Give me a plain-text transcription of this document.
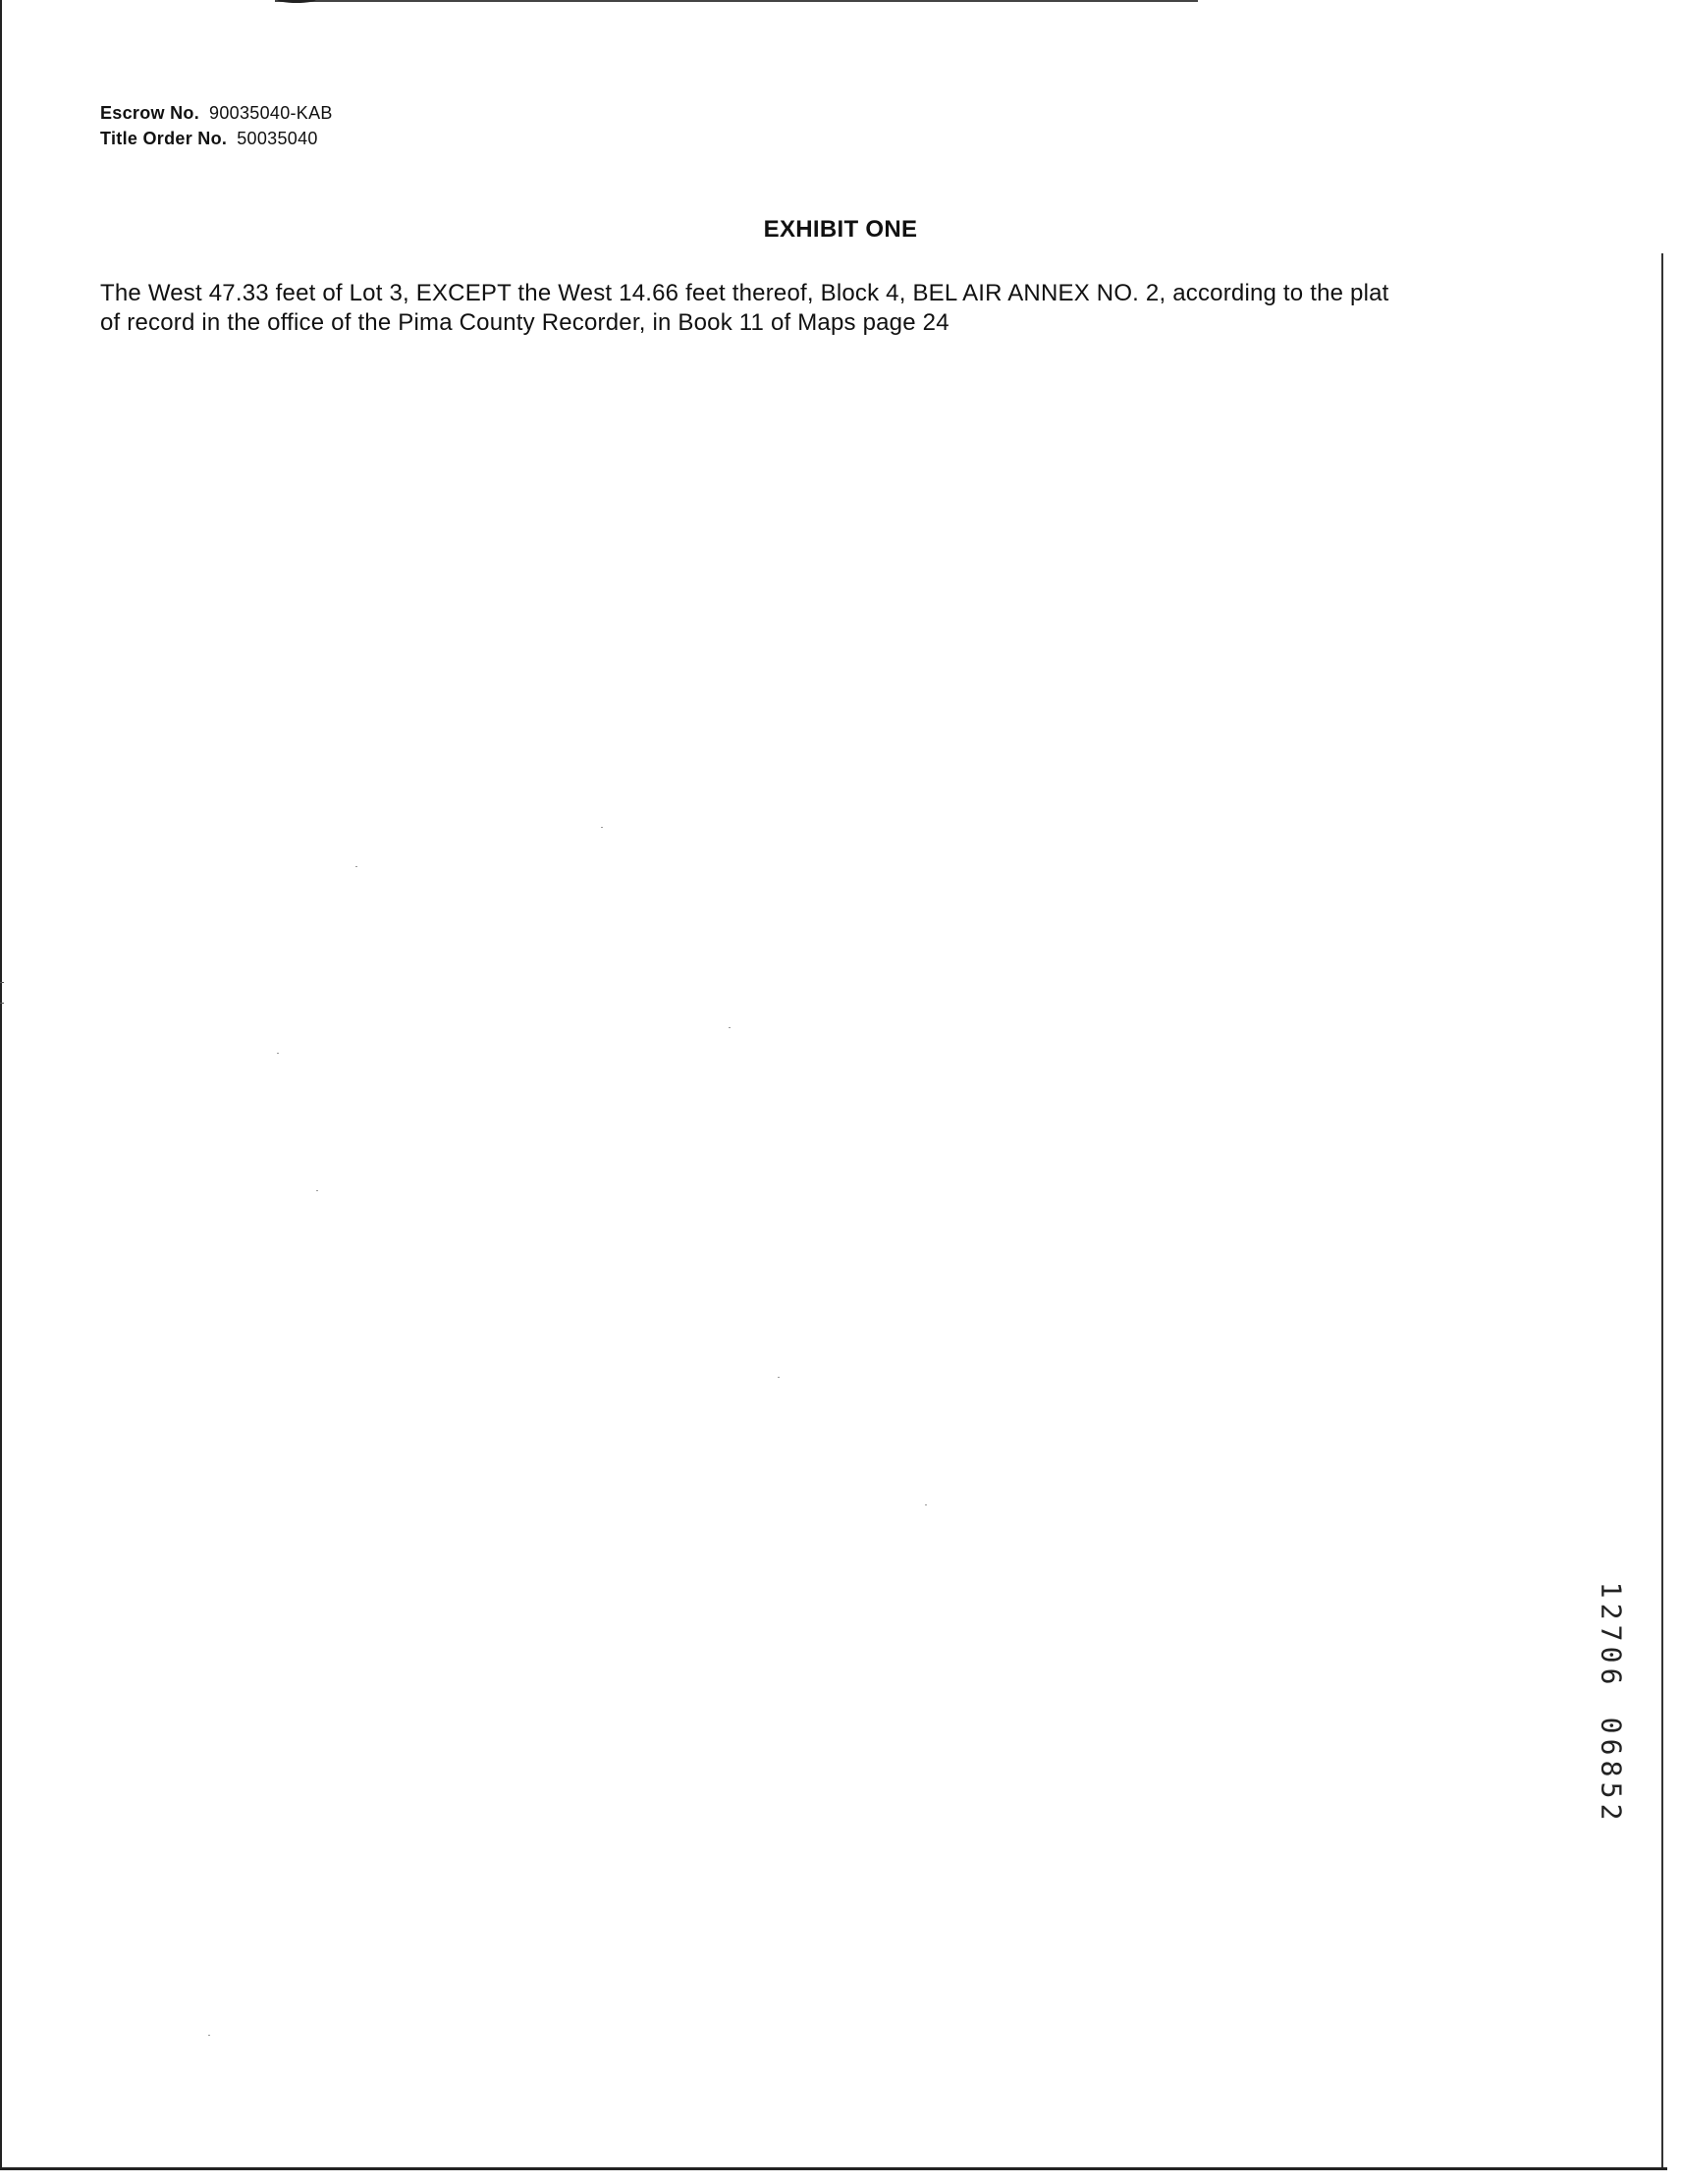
Escrow No. 90035040-KAB
Title Order No. 50035040
EXHIBIT ONE
The West 47.33 feet of Lot 3, EXCEPT the West 14.66 feet thereof, Block 4, BEL AIR ANNEX NO. 2, according to the plat
of record in the office of the Pima County Recorder, in Book 11 of Maps page 24
1
2
7
0
6
0
6
8
5
2
